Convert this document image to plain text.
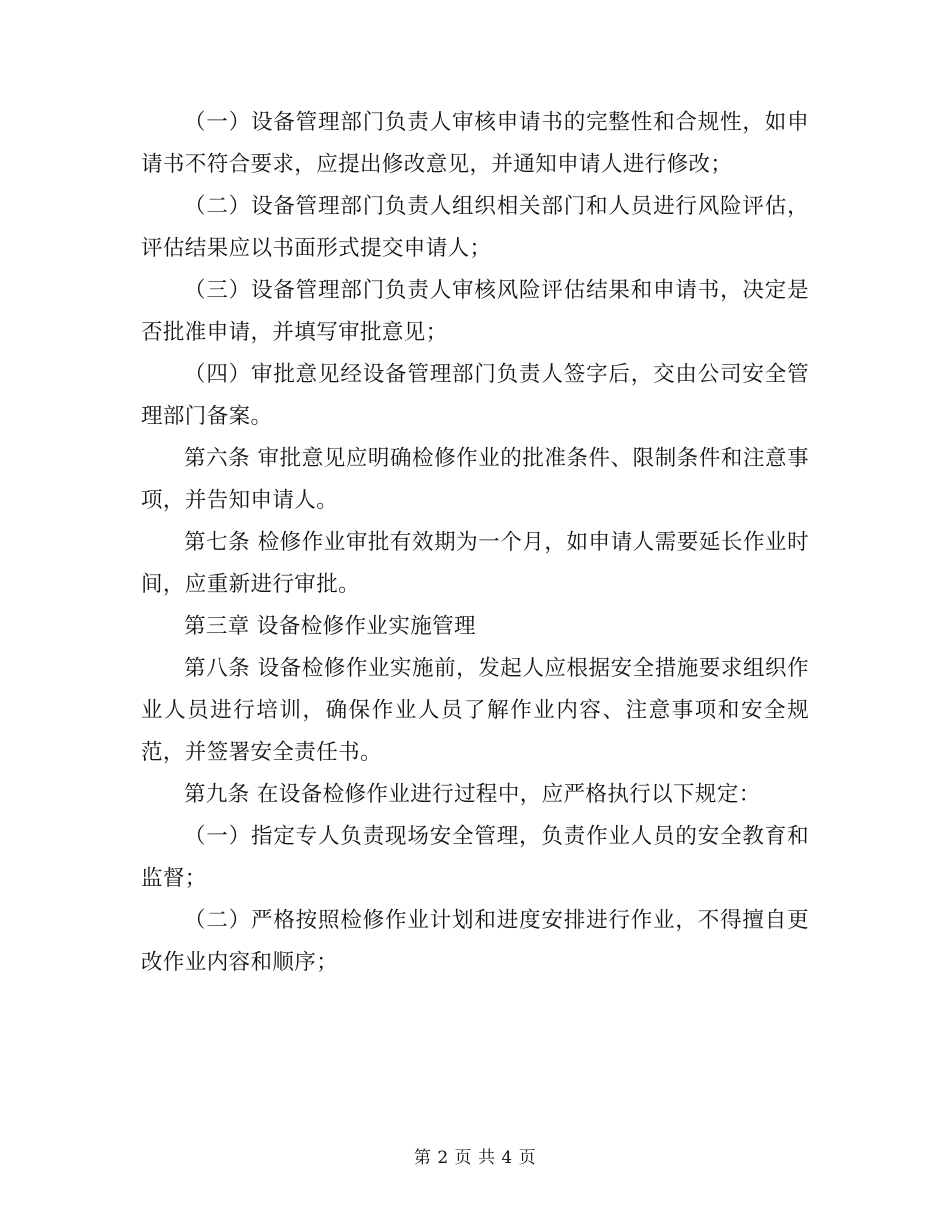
（一）设备管理部门负责人审核申请书的完整性和合规性，如申请书不符合要求，应提出修改意见，并通知申请人进行修改；

（二）设备管理部门负责人组织相关部门和人员进行风险评估，评估结果应以书面形式提交申请人；

（三）设备管理部门负责人审核风险评估结果和申请书，决定是否批准申请，并填写审批意见；

（四）审批意见经设备管理部门负责人签字后，交由公司安全管理部门备案。

第六条 审批意见应明确检修作业的批准条件、限制条件和注意事项，并告知申请人。

第七条 检修作业审批有效期为一个月，如申请人需要延长作业时间，应重新进行审批。

第三章 设备检修作业实施管理

第八条 设备检修作业实施前，发起人应根据安全措施要求组织作业人员进行培训，确保作业人员了解作业内容、注意事项和安全规范，并签署安全责任书。

第九条 在设备检修作业进行过程中，应严格执行以下规定：

（一）指定专人负责现场安全管理，负责作业人员的安全教育和监督；

（二）严格按照检修作业计划和进度安排进行作业，不得擅自更改作业内容和顺序；

第 2 页 共 4 页
